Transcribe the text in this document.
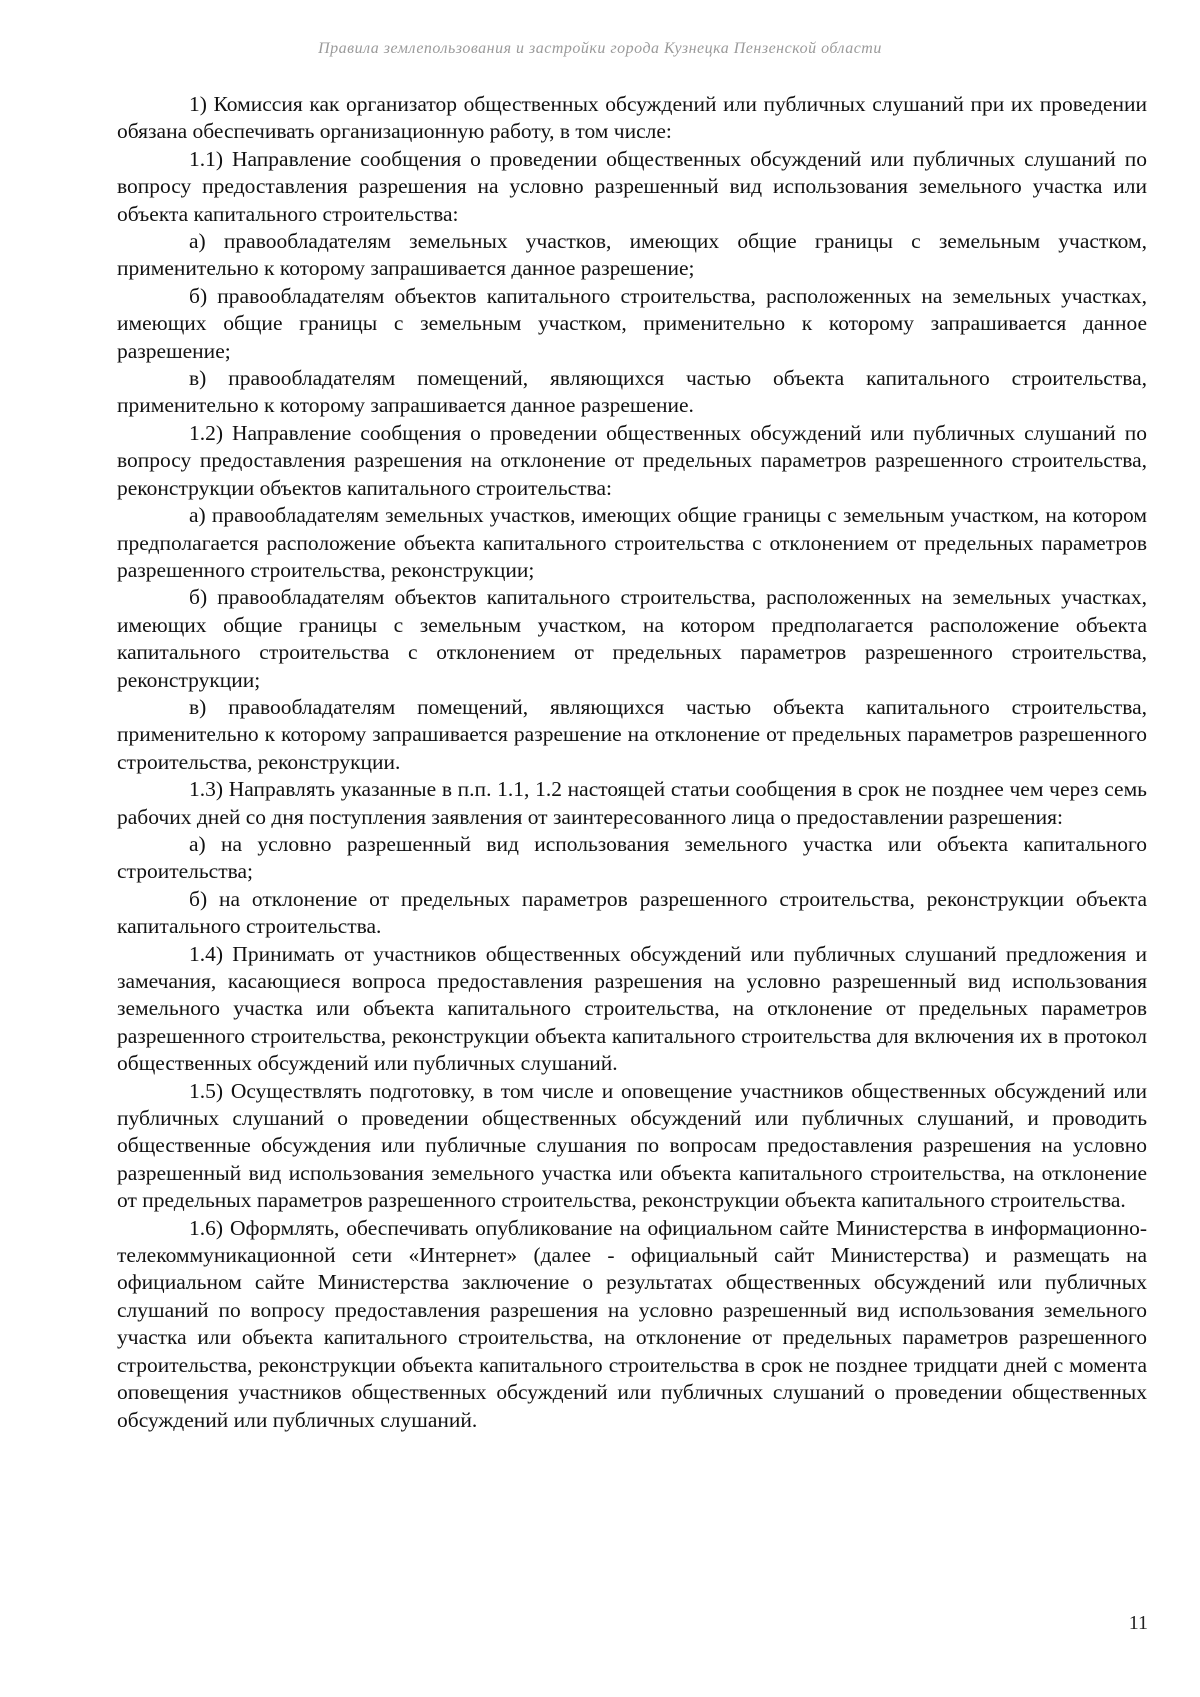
Правила землепользования и застройки города Кузнецка Пензенской области

1) Комиссия как организатор общественных обсуждений или публичных слушаний при их проведении обязана обеспечивать организационную работу, в том числе:

1.1) Направление сообщения о проведении общественных обсуждений или публичных слушаний по вопросу предоставления разрешения на условно разрешенный вид использования земельного участка или объекта капитального строительства:

а) правообладателям земельных участков, имеющих общие границы с земельным участком, применительно к которому запрашивается данное разрешение;

б) правообладателям объектов капитального строительства, расположенных на земельных участках, имеющих общие границы с земельным участком, применительно к которому запрашивается данное разрешение;

в) правообладателям помещений, являющихся частью объекта капитального строительства, применительно к которому запрашивается данное разрешение.

1.2) Направление сообщения о проведении общественных обсуждений или публичных слушаний по вопросу предоставления разрешения на отклонение от предельных параметров разрешенного строительства, реконструкции объектов капитального строительства:

а) правообладателям земельных участков, имеющих общие границы с земельным участком, на котором предполагается расположение объекта капитального строительства с отклонением от предельных параметров разрешенного строительства, реконструкции;

б) правообладателям объектов капитального строительства, расположенных на земельных участках, имеющих общие границы с земельным участком, на котором предполагается расположение объекта капитального строительства с отклонением от предельных параметров разрешенного строительства, реконструкции;

в) правообладателям помещений, являющихся частью объекта капитального строительства, применительно к которому запрашивается разрешение на отклонение от предельных параметров разрешенного строительства, реконструкции.

1.3) Направлять указанные в п.п. 1.1, 1.2 настоящей статьи сообщения в срок не позднее чем через семь рабочих дней со дня поступления заявления от заинтересованного лица о предоставлении разрешения:

а) на условно разрешенный вид использования земельного участка или объекта капитального строительства;

б) на отклонение от предельных параметров разрешенного строительства, реконструкции объекта капитального строительства.

1.4) Принимать от участников общественных обсуждений или публичных слушаний предложения и замечания, касающиеся вопроса предоставления разрешения на условно разрешенный вид использования земельного участка или объекта капитального строительства, на отклонение от предельных параметров разрешенного строительства, реконструкции объекта капитального строительства для включения их в протокол общественных обсуждений или публичных слушаний.

1.5) Осуществлять подготовку, в том числе и оповещение участников общественных обсуждений или публичных слушаний о проведении общественных обсуждений или публичных слушаний, и проводить общественные обсуждения или публичные слушания по вопросам предоставления разрешения на условно разрешенный вид использования земельного участка или объекта капитального строительства, на отклонение от предельных параметров разрешенного строительства, реконструкции объекта капитального строительства.

1.6) Оформлять, обеспечивать опубликование на официальном сайте Министерства в информационно-телекоммуникационной сети «Интернет» (далее - официальный сайт Министерства) и размещать на официальном сайте Министерства заключение о результатах общественных обсуждений или публичных слушаний по вопросу предоставления разрешения на условно разрешенный вид использования земельного участка или объекта капитального строительства, на отклонение от предельных параметров разрешенного строительства, реконструкции объекта капитального строительства в срок не позднее тридцати дней с момента оповещения участников общественных обсуждений или публичных слушаний о проведении общественных обсуждений или публичных слушаний.

11
